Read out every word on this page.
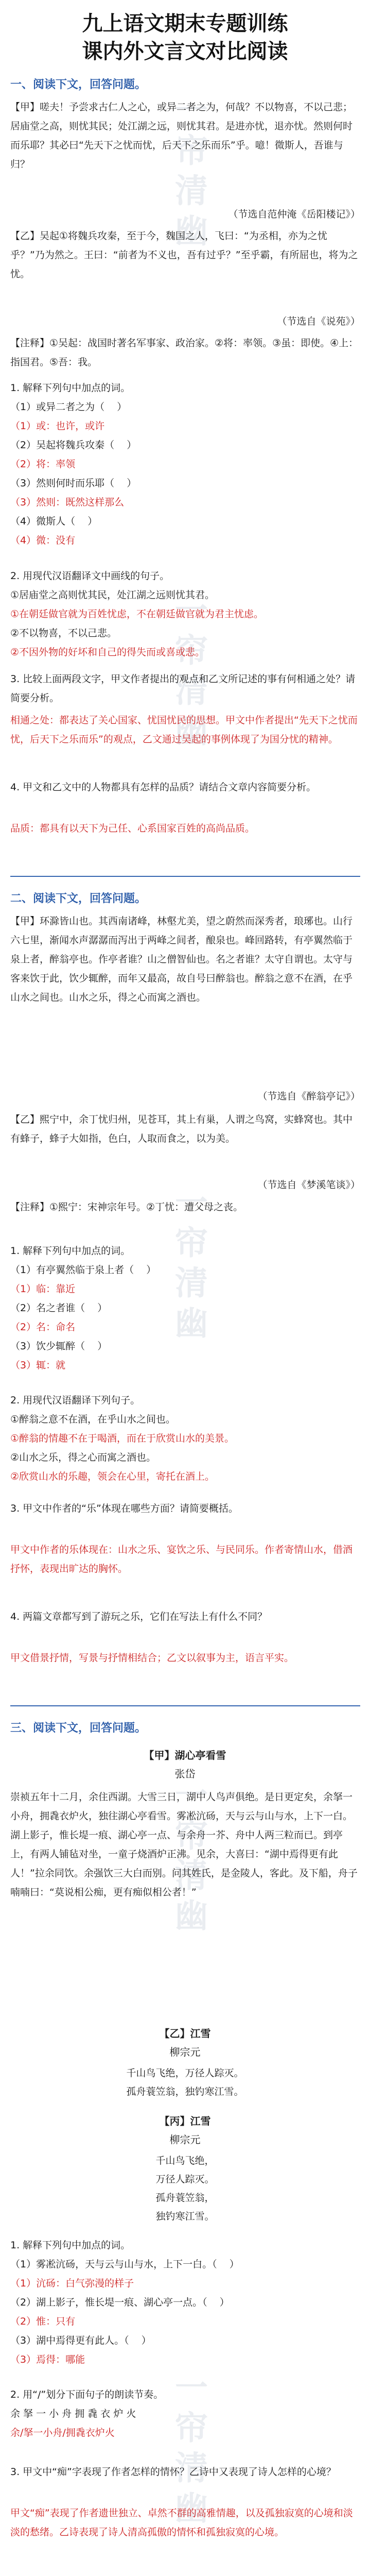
一帘清幽
一帘清幽
一帘清幽
一帘清幽
一帘清幽
九上语文期末专题训练
课内外文言文对比阅读
一、阅读下文，回答问题。
【甲】嗟夫！予尝求古仁人之心，或异二者之为，何哉？不以物喜，不以己悲；居庙堂之高，则忧其民；处江湖之远，则忧其君。是进亦忧，退亦忧。然则何时而乐耶？其必曰“先天下之忧而忧，后天下之乐而乐”乎。噫！微斯人，吾谁与归？
（节选自范仲淹《岳阳楼记》）
【乙】吴起①将魏兵攻秦，至于今，魏国之人，飞曰：“为丞相，亦为之忧乎？”乃为然之。王曰：“前者为不义也，吾有过乎？”至乎霸，有所屈也，将为之忧。
（节选自《说苑》）
【注释】①吴起：战国时著名军事家、政治家。②将：率领。③虽：即使。④上：指国君。⑤吾：我。
1. 解释下列句中加点的词。
（1）或异二者之为（    ）
（1）或：也许，或许
（2）吴起将魏兵攻秦（    ）
（2）将：率领
（3）然则何时而乐耶（    ）
（3）然则：既然这样那么
（4）微斯人（    ）
（4）微：没有
2. 用现代汉语翻译文中画线的句子。
①居庙堂之高则忧其民，处江湖之远则忧其君。
①在朝廷做官就为百姓忧虑，不在朝廷做官就为君主忧虑。
②不以物喜，不以己悲。
②不因外物的好坏和自己的得失而或喜或悲。
3. 比较上面两段文字，甲文作者提出的观点和乙文所记述的事有何相通之处？请简要分析。
相通之处：都表达了关心国家、忧国忧民的思想。甲文中作者提出“先天下之忧而忧，后天下之乐而乐”的观点，乙文通过吴起的事例体现了为国分忧的精神。
4. 甲文和乙文中的人物都具有怎样的品质？请结合文章内容简要分析。
品质：都具有以天下为己任、心系国家百姓的高尚品质。
二、阅读下文，回答问题。
【甲】环滁皆山也。其西南诸峰，林壑尤美，望之蔚然而深秀者，琅琊也。山行六七里，渐闻水声潺潺而泻出于两峰之间者，酿泉也。峰回路转，有亭翼然临于泉上者，醉翁亭也。作亭者谁？山之僧智仙也。名之者谁？太守自谓也。太守与客来饮于此，饮少辄醉，而年又最高，故自号曰醉翁也。醉翁之意不在酒，在乎山水之间也。山水之乐，得之心而寓之酒也。
（节选自《醉翁亭记》）
【乙】熙宁中，余丁忧归州，见苍耳，其上有巢，人谓之鸟窝，实蜂窝也。其中有蜂子，蜂子大如指，色白，人取而食之，以为美。
（节选自《梦溪笔谈》）
【注释】①熙宁：宋神宗年号。②丁忧：遭父母之丧。
1. 解释下列句中加点的词。
（1）有亭翼然临于泉上者（    ）
（1）临：靠近
（2）名之者谁（    ）
（2）名：命名
（3）饮少辄醉（    ）
（3）辄：就
2. 用现代汉语翻译下列句子。
①醉翁之意不在酒，在乎山水之间也。
①醉翁的情趣不在于喝酒，而在于欣赏山水的美景。
②山水之乐，得之心而寓之酒也。
②欣赏山水的乐趣，领会在心里，寄托在酒上。
3. 甲文中作者的“乐”体现在哪些方面？请简要概括。
甲文中作者的乐体现在：山水之乐、宴饮之乐、与民同乐。作者寄情山水，借酒抒怀，表现出旷达的胸怀。
4. 两篇文章都写到了游玩之乐，它们在写法上有什么不同？
甲文借景抒情，写景与抒情相结合；乙文以叙事为主，语言平实。
三、阅读下文，回答问题。
【甲】湖心亭看雪
张岱
崇祯五年十二月，余住西湖。大雪三日，湖中人鸟声俱绝。是日更定矣，余拏一小舟，拥毳衣炉火，独往湖心亭看雪。雾凇沆砀，天与云与山与水，上下一白。湖上影子，惟长堤一痕、湖心亭一点、与余舟一芥、舟中人两三粒而已。到亭上，有两人铺毡对坐，一童子烧酒炉正沸。见余，大喜曰：“湖中焉得更有此人！”拉余同饮。余强饮三大白而别。问其姓氏，是金陵人，客此。及下船，舟子喃喃曰：“莫说相公痴，更有痴似相公者！”
【乙】江雪
柳宗元
千山鸟飞绝，万径人踪灭。
孤舟蓑笠翁，独钓寒江雪。
【丙】江雪
柳宗元
千山鸟飞绝，
万径人踪灭。
孤舟蓑笠翁，
独钓寒江雪。
1. 解释下列句中加点的词。
（1）雾凇沆砀，天与云与山与水，上下一白。（    ）
（1）沆砀：白气弥漫的样子
（2）湖上影子，惟长堤一痕、湖心亭一点。（    ）
（2）惟：只有
（3）湖中焉得更有此人。（    ）
（3）焉得：哪能
2. 用“/”划分下面句子的朗读节奏。
余 拏 一 小 舟 拥 毳 衣 炉 火
余/拏一小舟/拥毳衣炉火
3. 甲文中“痴”字表现了作者怎样的情怀？乙诗中又表现了诗人怎样的心境？
甲文“痴”表现了作者遗世独立、卓然不群的高雅情趣，以及孤独寂寞的心境和淡淡的愁绪。乙诗表现了诗人清高孤傲的情怀和孤独寂寞的心境。
